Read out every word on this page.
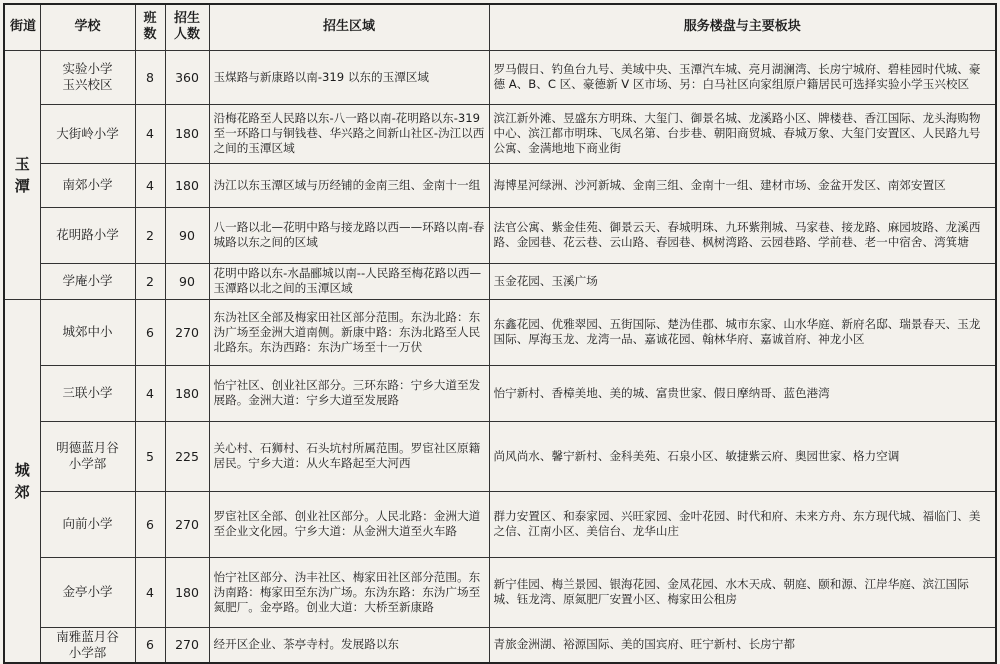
街道	学校	班数	招生人数	招生区域	服务楼盘与主要板块

玉潭	实验小学玉兴校区	8	360	玉煤路与新康路以南-319 以东的玉潭区域	罗马假日、钓鱼台九号、美域中央、玉潭汽车城、亮月湖澜湾、长房宁城府、碧桂园时代城、豪德 A、B、C 区、豪德新 V 区市场、另：白马社区向家组原户籍居民可选择实验小学玉兴校区
	大街岭小学	4	180	沿梅花路至人民路以东-八一路以南-花明路以东-319 至一环路口与铜钱巷、华兴路之间新山社区-沩江以西之间的玉潭区域	滨江新外滩、昱盛东方明珠、大玺门、御景名城、龙溪路小区、牌楼巷、香江国际、龙头海购物中心、滨江都市明珠、飞凤名第、台步巷、朝阳商贸城、春城万象、大玺门安置区、人民路九号公寓、金满地地下商业街
	南郊小学	4	180	沩江以东玉潭区域与历经铺的金南三组、金南十一组	海博星河绿洲、沙河新城、金南三组、金南十一组、建材市场、金盆开发区、南郊安置区
	花明路小学	2	90	八一路以北—花明中路与接龙路以西——环路以南-春城路以东之间的区域	法官公寓、紫金佳苑、御景云天、春城明珠、九环紫荆城、马家巷、接龙路、麻园坡路、龙溪西路、金园巷、花云巷、云山路、春园巷、枫树湾路、云园巷路、学前巷、老一中宿舍、湾箕塘
	学庵小学	2	90	花明中路以东-水晶郦城以南--人民路至梅花路以西—玉潭路以北之间的玉潭区域	玉金花园、玉溪广场

城郊	城郊中小	6	270	东沩社区全部及梅家田社区部分范围。东沩北路：东沩广场至金洲大道南侧。新康中路：东沩北路至人民北路东。东沩西路：东沩广场至十一万伏	东鑫花园、优雅翠园、五街国际、楚沩佳郡、城市东家、山水华庭、新府名邸、瑞景春天、玉龙国际、厚海玉龙、龙湾一品、嘉诚花园、翰林华府、嘉诚首府、神龙小区
	三联小学	4	180	怡宁社区、创业社区部分。三环东路：宁乡大道至发展路。金洲大道：宁乡大道至发展路	怡宁新村、香樟美地、美的城、富贵世家、假日摩纳哥、蓝色港湾

	明德蓝月谷小学部	5	225	关心村、石狮村、石头坑村所属范围。罗宦社区原籍居民。宁乡大道：从火车路起至大河西	尚风尚水、馨宁新村、金科美苑、石泉小区、敏捷紫云府、奥园世家、格力空调
	向前小学	6	270	罗宦社区全部、创业社区部分。人民北路：金洲大道至企业文化园。宁乡大道：从金洲大道至火车路	群力安置区、和泰家园、兴旺家园、金叶花园、时代和府、未来方舟、东方现代城、福临门、美之信、江南小区、美信台、龙华山庄
	金亭小学	4	180	怡宁社区部分、沩丰社区、梅家田社区部分范围。东沩南路：梅家田至东沩广场。东沩东路：东沩广场至氮肥厂。金亭路。创业大道：大桥至新康路	新宁佳园、梅兰景园、银海花园、金凤花园、水木天成、朝庭、颐和源、江岸华庭、滨江国际城、钰龙湾、原氮肥厂安置小区、梅家田公租房

	南雅蓝月谷小学部	6	270	经开区企业、茶亭寺村。发展路以东	青旅金洲湖、裕源国际、美的国宾府、旺宁新村、长房宁都
